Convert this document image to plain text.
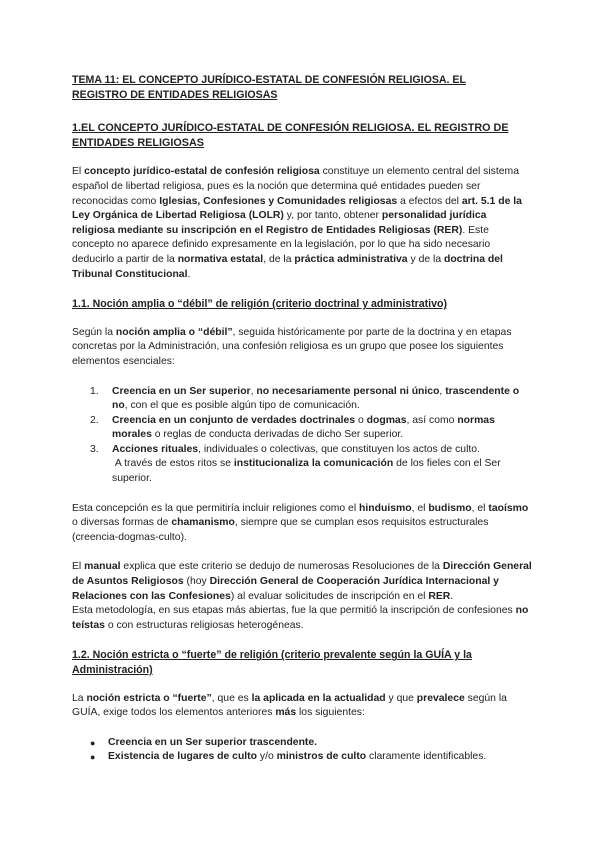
TEMA 11: EL CONCEPTO JURÍDICO-ESTATAL DE CONFESIÓN RELIGIOSA. EL
REGISTRO DE ENTIDADES RELIGIOSAS
1.EL CONCEPTO JURÍDICO-ESTATAL DE CONFESIÓN RELIGIOSA. EL REGISTRO DE
ENTIDADES RELIGIOSAS

El concepto jurídico-estatal de confesión religiosa constituye un elemento central del sistema español de libertad religiosa, pues es la noción que determina qué entidades pueden ser reconocidas como Iglesias, Confesiones y Comunidades religiosas a efectos del art. 5.1 de la Ley Orgánica de Libertad Religiosa (LOLR) y, por tanto, obtener personalidad jurídica religiosa mediante su inscripción en el Registro de Entidades Religiosas (RER). Este concepto no aparece definido expresamente en la legislación, por lo que ha sido necesario deducirlo a partir de la normativa estatal, de la práctica administrativa y de la doctrina del Tribunal Constitucional.

1.1. Noción amplia o “débil” de religión (criterio doctrinal y administrativo)

Según la noción amplia o “débil”, seguida históricamente por parte de la doctrina y en etapas concretas por la Administración, una confesión religiosa es un grupo que posee los siguientes elementos esenciales:

1. Creencia en un Ser superior, no necesariamente personal ni único, trascendente o no, con el que es posible algún tipo de comunicación.
2. Creencia en un conjunto de verdades doctrinales o dogmas, así como normas morales o reglas de conducta derivadas de dicho Ser superior.
3. Acciones rituales, individuales o colectivas, que constituyen los actos de culto.
A través de estos ritos se institucionaliza la comunicación de los fieles con el Ser superior.

Esta concepción es la que permitiría incluir religiones como el hinduismo, el budismo, el taoísmo o diversas formas de chamanismo, siempre que se cumplan esos requisitos estructurales (creencia-dogmas-culto).

El manual explica que este criterio se dedujo de numerosas Resoluciones de la Dirección General de Asuntos Religiosos (hoy Dirección General de Cooperación Jurídica Internacional y Relaciones con las Confesiones) al evaluar solicitudes de inscripción en el RER.
Esta metodología, en sus etapas más abiertas, fue la que permitió la inscripción de confesiones no teístas o con estructuras religiosas heterogéneas.

1.2. Noción estricta o “fuerte” de religión (criterio prevalente según la GUÍA y la Administración)

La noción estricta o “fuerte”, que es la aplicada en la actualidad y que prevalece según la GUÍA, exige todos los elementos anteriores más los siguientes:

● Creencia en un Ser superior trascendente.
● Existencia de lugares de culto y/o ministros de culto claramente identificables.
